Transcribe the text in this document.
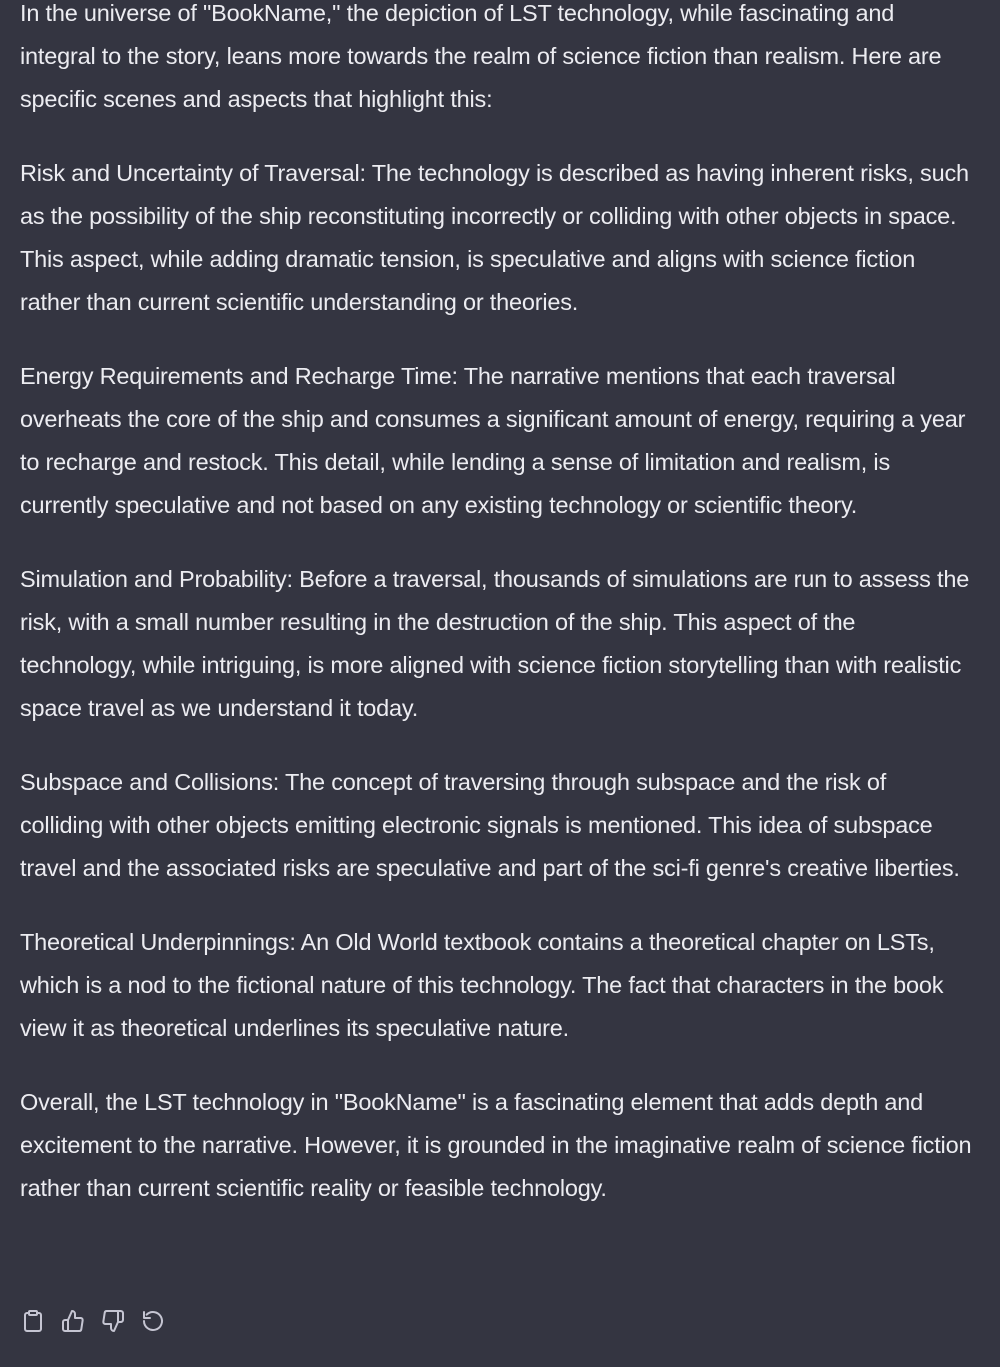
In the universe of "BookName," the depiction of LST technology, while fascinating and integral to the story, leans more towards the realm of science fiction than realism. Here are specific scenes and aspects that highlight this:

Risk and Uncertainty of Traversal: The technology is described as having inherent risks, such as the possibility of the ship reconstituting incorrectly or colliding with other objects in space. This aspect, while adding dramatic tension, is speculative and aligns with science fiction rather than current scientific understanding or theories.

Energy Requirements and Recharge Time: The narrative mentions that each traversal overheats the core of the ship and consumes a significant amount of energy, requiring a year to recharge and restock. This detail, while lending a sense of limitation and realism, is currently speculative and not based on any existing technology or scientific theory.

Simulation and Probability: Before a traversal, thousands of simulations are run to assess the risk, with a small number resulting in the destruction of the ship. This aspect of the technology, while intriguing, is more aligned with science fiction storytelling than with realistic space travel as we understand it today.

Subspace and Collisions: The concept of traversing through subspace and the risk of colliding with other objects emitting electronic signals is mentioned. This idea of subspace travel and the associated risks are speculative and part of the sci-fi genre's creative liberties.

Theoretical Underpinnings: An Old World textbook contains a theoretical chapter on LSTs, which is a nod to the fictional nature of this technology. The fact that characters in the book view it as theoretical underlines its speculative nature.

Overall, the LST technology in "BookName" is a fascinating element that adds depth and excitement to the narrative. However, it is grounded in the imaginative realm of science fiction rather than current scientific reality or feasible technology.
